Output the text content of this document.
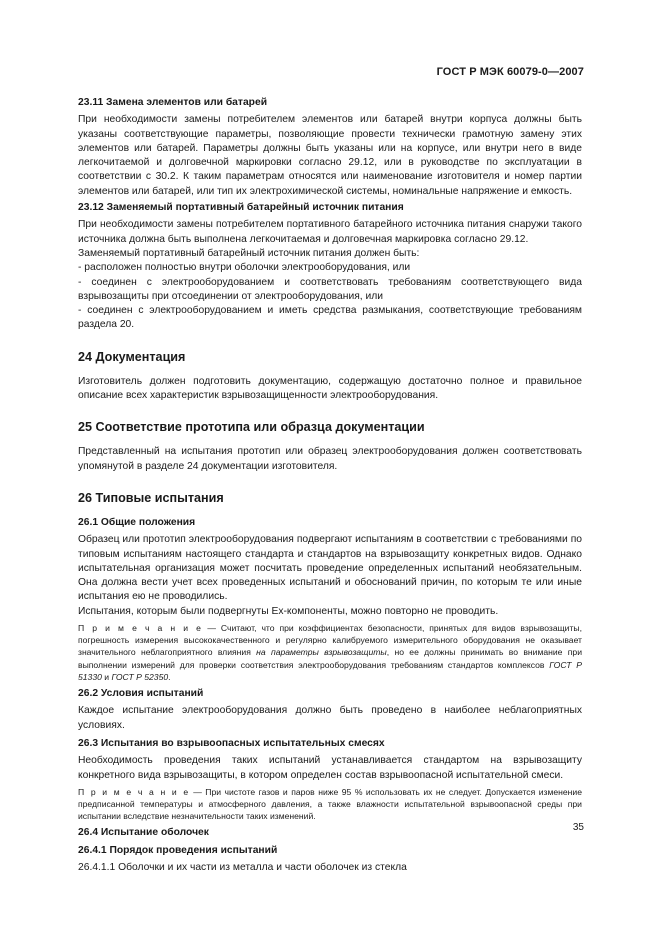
ГОСТ Р МЭК 60079-0—2007

23.11 Замена элементов или батарей

При необходимости замены потребителем элементов или батарей внутри корпуса должны быть указаны соответствующие параметры, позволяющие провести технически грамотную замену этих элементов или батарей. Параметры должны быть указаны или на корпусе, или внутри него в виде легкочитаемой и долговечной маркировки согласно 29.12, или в руководстве по эксплуатации в соответствии с 30.2. К таким параметрам относятся или наименование изготовителя и номер партии элементов или батарей, или тип их электрохимической системы, номинальные напряжение и емкость.

23.12 Заменяемый портативный батарейный источник питания

При необходимости замены потребителем портативного батарейного источника питания снаружи такого источника должна быть выполнена легкочитаемая и долговечная маркировка согласно 29.12.

Заменяемый портативный батарейный источник питания должен быть:

- расположен полностью внутри оболочки электрооборудования, или

- соединен с электрооборудованием и соответствовать требованиям соответствующего вида взрывозащиты при отсоединении от электрооборудования, или

- соединен с электрооборудованием и иметь средства размыкания, соответствующие требованиям раздела 20.

24 Документация

Изготовитель должен подготовить документацию, содержащую достаточно полное и правильное описание всех характеристик взрывозащищенности электрооборудования.

25 Соответствие прототипа или образца документации

Представленный на испытания прототип или образец электрооборудования должен соответствовать упомянутой в разделе 24 документации изготовителя.

26 Типовые испытания

26.1 Общие положения

Образец или прототип электрооборудования подвергают испытаниям в соответствии с требованиями по типовым испытаниям настоящего стандарта и стандартов на взрывозащиту конкретных видов. Однако испытательная организация может посчитать проведение определенных испытаний необязательным. Она должна вести учет всех проведенных испытаний и обоснований причин, по которым те или иные испытания ею не проводились.

Испытания, которым были подвергнуты Ex-компоненты, можно повторно не проводить.

П р и м е ч а н и е — Считают, что при коэффициентах безопасности, принятых для видов взрывозащиты, погрешность измерения высококачественного и регулярно калибруемого измерительного оборудования не оказывает значительного неблагоприятного влияния на параметры взрывозащиты, но ее должны принимать во внимание при выполнении измерений для проверки соответствия электрооборудования требованиям стандартов комплексов ГОСТ Р 51330 и ГОСТ Р 52350.

26.2 Условия испытаний

Каждое испытание электрооборудования должно быть проведено в наиболее неблагоприятных условиях.

26.3 Испытания во взрывоопасных испытательных смесях

Необходимость проведения таких испытаний устанавливается стандартом на взрывозащиту конкретного вида взрывозащиты, в котором определен состав взрывоопасной испытательной смеси.

П р и м е ч а н и е — При чистоте газов и паров ниже 95 % использовать их не следует. Допускается изменение предписанной температуры и атмосферного давления, а также влажности испытательной взрывоопасной среды при испытании вследствие незначительности таких изменений.

26.4 Испытание оболочек

26.4.1 Порядок проведения испытаний

26.4.1.1 Оболочки и их части из металла и части оболочек из стекла

35
